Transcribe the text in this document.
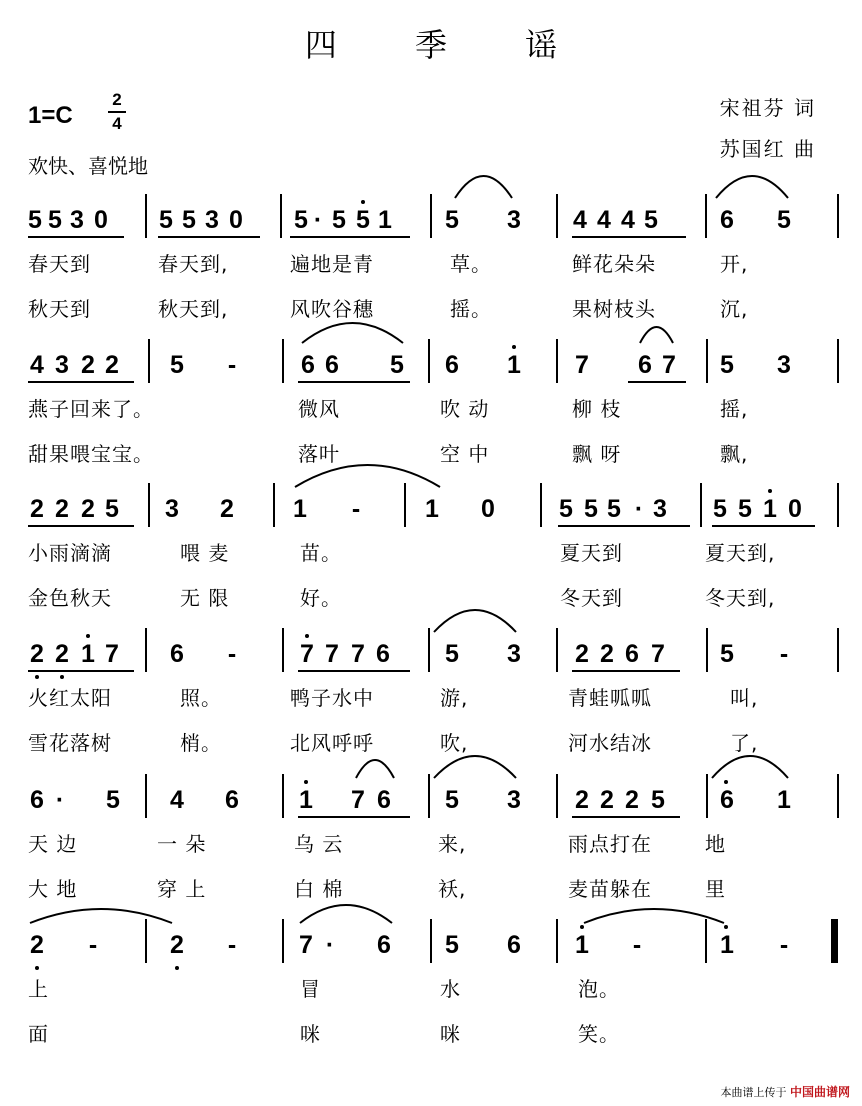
四 季 谣
1=C
2
4
欢快、喜悦地
宋祖芬 词
苏国红 曲
5 5 3 0 5 5 3 0 5 · 5 5 1 5 3 4 4 4 5 6 5
春天到	春天到,	遍地是青	草。	鲜花朵朵	开,
秋天到	秋天到,	风吹谷穗	摇。	果树枝头	沉,
4 3 2 2 5 -	6 6 5 6 1 7 6 7 5 3
燕子回来了。	微风	吹 动	柳 枝	摇,
甜果喂宝宝。	落叶	空 中	飘 呀	飘,
2 2 2 5 3 2 1 -	1 0	5 5 5 · 3 5 5 1 0
小雨滴滴	喂 麦	苗。	夏天到	夏天到,
金色秋天	无 限	好。	冬天到	冬天到,
2 2 1 7 6 -	7 7 7 6 5 3 2 2 6 7 5 -
火红太阳	照。	鸭子水中	游,	青蛙呱呱	叫,
雪花落树	梢。	北风呼呼	吹,	河水结冰	了,
6 · 5 4 6 1 7 6 5 3 2 2 2 5 6 1
天 边	一 朵	乌 云	来,	雨点打在	地
大 地	穿 上	白 棉	袄,	麦苗躲在	里
2 -	2 -	7 · 6 5 6 1 -	1 -
上	冒	水	泡。
面	咪	咪	笑。
本曲谱上传于 中国曲谱网
